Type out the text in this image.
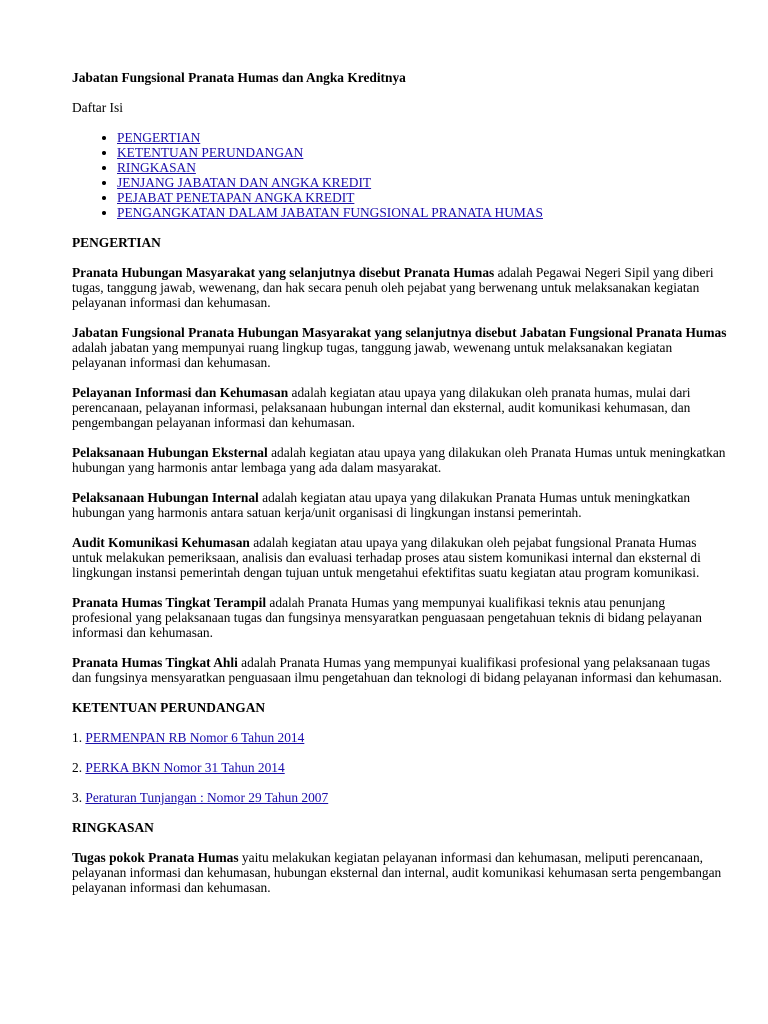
Jabatan Fungsional Pranata Humas dan Angka Kreditnya

Daftar Isi

• PENGERTIAN
• KETENTUAN PERUNDANGAN
• RINGKASAN
• JENJANG JABATAN DAN ANGKA KREDIT
• PEJABAT PENETAPAN ANGKA KREDIT
• PENGANGKATAN DALAM JABATAN FUNGSIONAL PRANATA HUMAS

PENGERTIAN

Pranata Hubungan Masyarakat yang selanjutnya disebut Pranata Humas adalah Pegawai Negeri Sipil yang diberi tugas, tanggung jawab, wewenang, dan hak secara penuh oleh pejabat yang berwenang untuk melaksanakan kegiatan pelayanan informasi dan kehumasan.

Jabatan Fungsional Pranata Hubungan Masyarakat yang selanjutnya disebut Jabatan Fungsional Pranata Humas adalah jabatan yang mempunyai ruang lingkup tugas, tanggung jawab, wewenang untuk melaksanakan kegiatan pelayanan informasi dan kehumasan.

Pelayanan Informasi dan Kehumasan adalah kegiatan atau upaya yang dilakukan oleh pranata humas, mulai dari perencanaan, pelayanan informasi, pelaksanaan hubungan internal dan eksternal, audit komunikasi kehumasan, dan pengembangan pelayanan informasi dan kehumasan.

Pelaksanaan Hubungan Eksternal adalah kegiatan atau upaya yang dilakukan oleh Pranata Humas untuk meningkatkan hubungan yang harmonis antar lembaga yang ada dalam masyarakat.

Pelaksanaan Hubungan Internal adalah kegiatan atau upaya yang dilakukan Pranata Humas untuk meningkatkan hubungan yang harmonis antara satuan kerja/unit organisasi di lingkungan instansi pemerintah.

Audit Komunikasi Kehumasan adalah kegiatan atau upaya yang dilakukan oleh pejabat fungsional Pranata Humas untuk melakukan pemeriksaan, analisis dan evaluasi terhadap proses atau sistem komunikasi internal dan eksternal di lingkungan instansi pemerintah dengan tujuan untuk mengetahui efektifitas suatu kegiatan atau program komunikasi.

Pranata Humas Tingkat Terampil adalah Pranata Humas yang mempunyai kualifikasi teknis atau penunjang profesional yang pelaksanaan tugas dan fungsinya mensyaratkan penguasaan pengetahuan teknis di bidang pelayanan informasi dan kehumasan.

Pranata Humas Tingkat Ahli adalah Pranata Humas yang mempunyai kualifikasi profesional yang pelaksanaan tugas dan fungsinya mensyaratkan penguasaan ilmu pengetahuan dan teknologi di bidang pelayanan informasi dan kehumasan.

KETENTUAN PERUNDANGAN

1. PERMENPAN RB Nomor 6 Tahun 2014

2. PERKA BKN Nomor 31 Tahun 2014

3. Peraturan Tunjangan : Nomor 29 Tahun 2007

RINGKASAN

Tugas pokok Pranata Humas yaitu melakukan kegiatan pelayanan informasi dan kehumasan, meliputi perencanaan, pelayanan informasi dan kehumasan, hubungan eksternal dan internal, audit komunikasi kehumasan serta pengembangan pelayanan informasi dan kehumasan.
